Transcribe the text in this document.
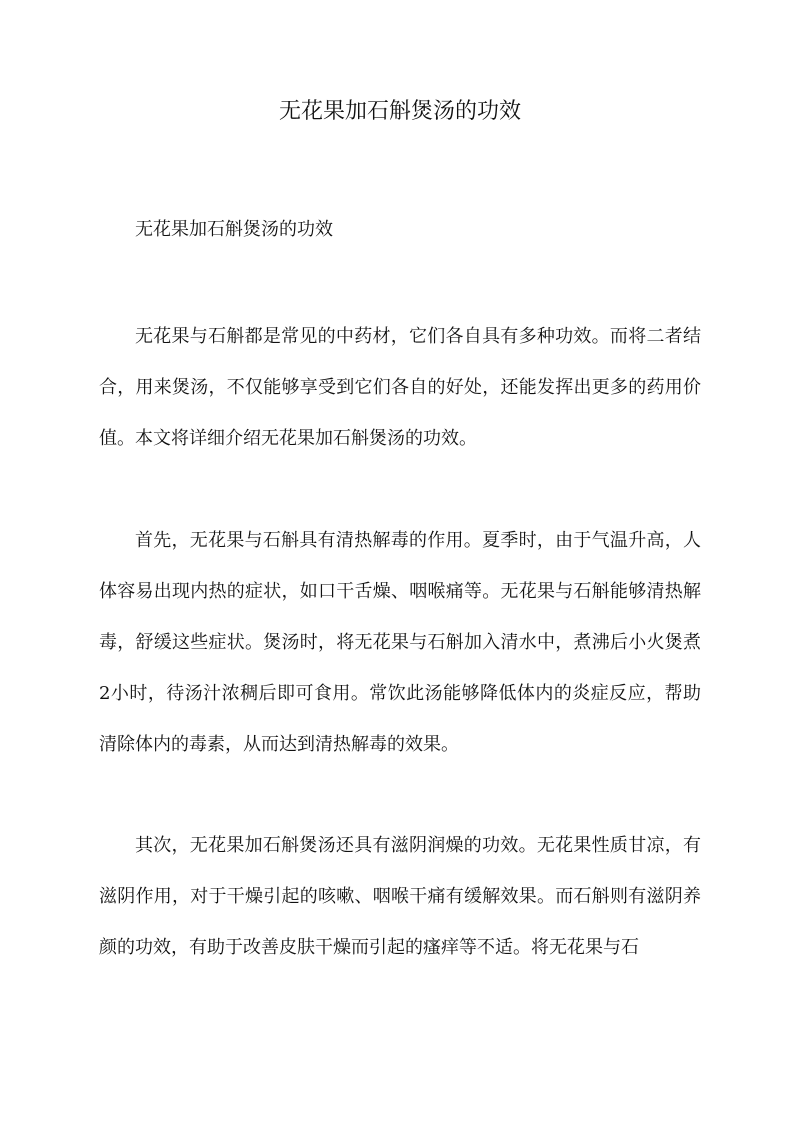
无花果加石斛煲汤的功效

无花果加石斛煲汤的功效

无花果与石斛都是常见的中药材，它们各自具有多种功效。而将二者结合，用来煲汤，不仅能够享受到它们各自的好处，还能发挥出更多的药用价值。本文将详细介绍无花果加石斛煲汤的功效。

首先，无花果与石斛具有清热解毒的作用。夏季时，由于气温升高，人体容易出现内热的症状，如口干舌燥、咽喉痛等。无花果与石斛能够清热解毒，舒缓这些症状。煲汤时，将无花果与石斛加入清水中，煮沸后小火煲煮2小时，待汤汁浓稠后即可食用。常饮此汤能够降低体内的炎症反应，帮助清除体内的毒素，从而达到清热解毒的效果。

其次，无花果加石斛煲汤还具有滋阴润燥的功效。无花果性质甘凉，有滋阴作用，对于干燥引起的咳嗽、咽喉干痛有缓解效果。而石斛则有滋阴养颜的功效，有助于改善皮肤干燥而引起的瘙痒等不适。将无花果与石
